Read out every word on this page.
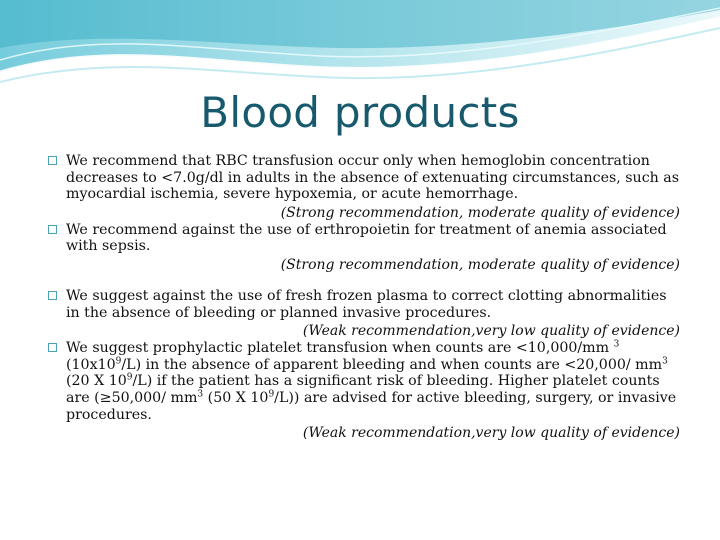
Blood products
We recommend that RBC transfusion occur only when hemoglobin concentration decreases to <7.0g/dl in adults in the absence of extenuating circumstances, such as myocardial ischemia, severe hypoxemia, or acute hemorrhage.
(Strong recommendation, moderate quality of evidence)
We recommend against the use of erthropoietin for treatment of anemia associated with sepsis.
(Strong recommendation, moderate quality of evidence)
We suggest against the use of fresh frozen plasma to correct clotting abnormalities in the absence of bleeding or planned invasive procedures.
(Weak recommendation,very low quality of evidence)
We suggest prophylactic platelet transfusion when counts are <10,000/mm $^3$ $(10x10^9/L)$ in the absence of apparent bleeding and when counts are <20,000/ $mm^3$ (20 X $10^9/L$) if the patient has a significant risk of bleeding. Higher platelet counts are (≥50,000/ $mm^3$ (50 X $10^9/L$)) are advised for active bleeding, surgery, or invasive procedures.
(Weak recommendation,very low quality of evidence)
